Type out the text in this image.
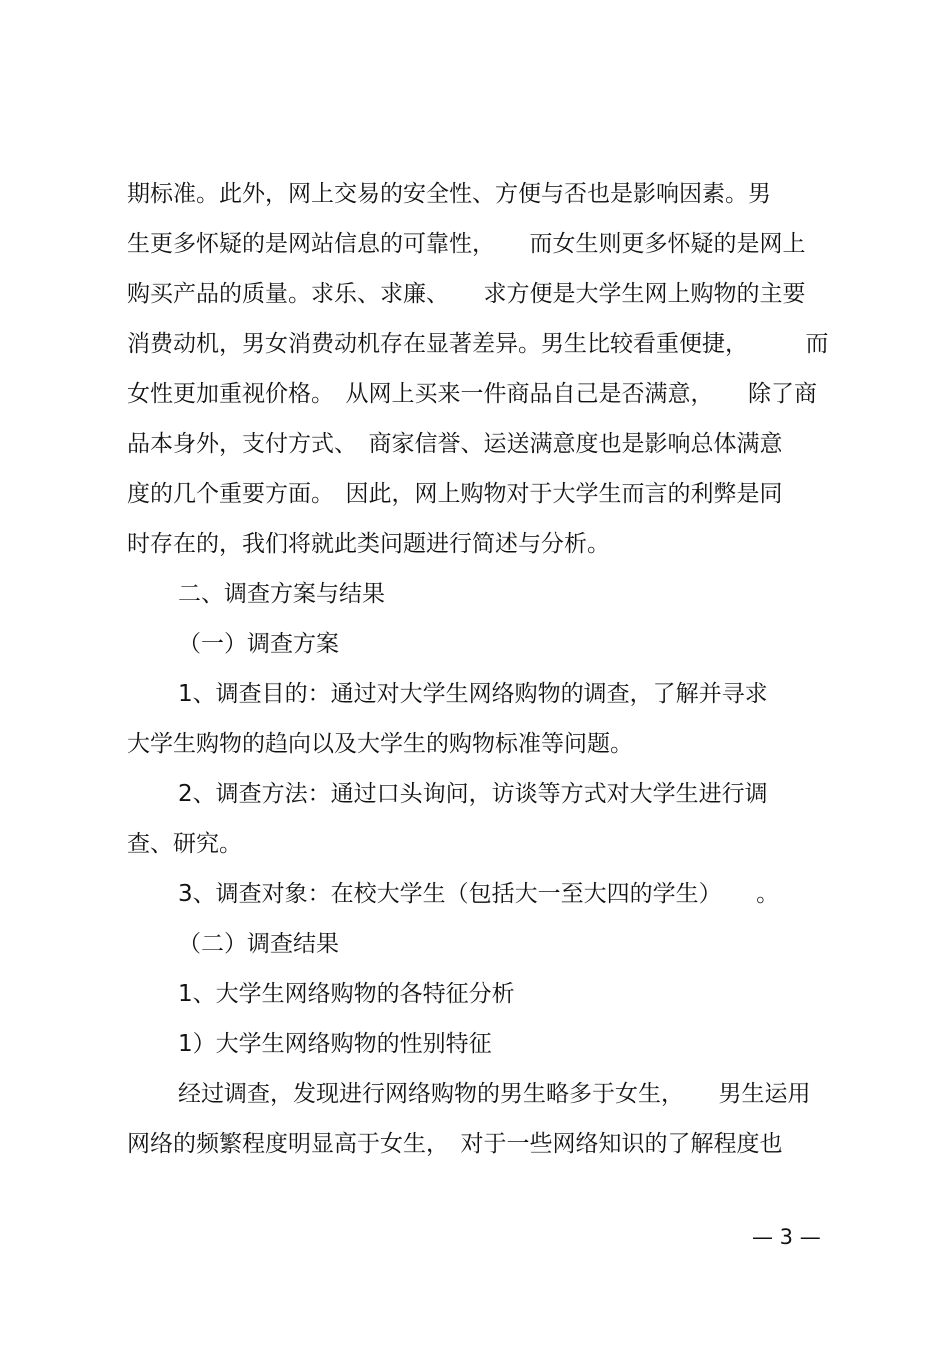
期标准。此外，网上交易的安全性、方便与否也是影响因素。男
生更多怀疑的是网站信息的可靠性，　　而女生则更多怀疑的是网上
购买产品的质量。求乐、求廉、　　求方便是大学生网上购物的主要
消费动机，男女消费动机存在显著差异。男生比较看重便捷，　　　而
女性更加重视价格。　从网上买来一件商品自己是否满意，　　除了商
品本身外，支付方式、　商家信誉、运送满意度也是影响总体满意
度的几个重要方面。　因此，网上购物对于大学生而言的利弊是同
时存在的，我们将就此类问题进行简述与分析。
二、调查方案与结果
（一）调查方案
1、调查目的：通过对大学生网络购物的调查，了解并寻求
大学生购物的趋向以及大学生的购物标准等问题。
2、调查方法：通过口头询问，访谈等方式对大学生进行调
查、研究。
3、调查对象：在校大学生（包括大一至大四的学生）　　。
（二）调查结果
1、大学生网络购物的各特征分析
1）大学生网络购物的性别特征
经过调查，发现进行网络购物的男生略多于女生，　　男生运用
网络的频繁程度明显高于女生，　对于一些网络知识的了解程度也
— 3 —
